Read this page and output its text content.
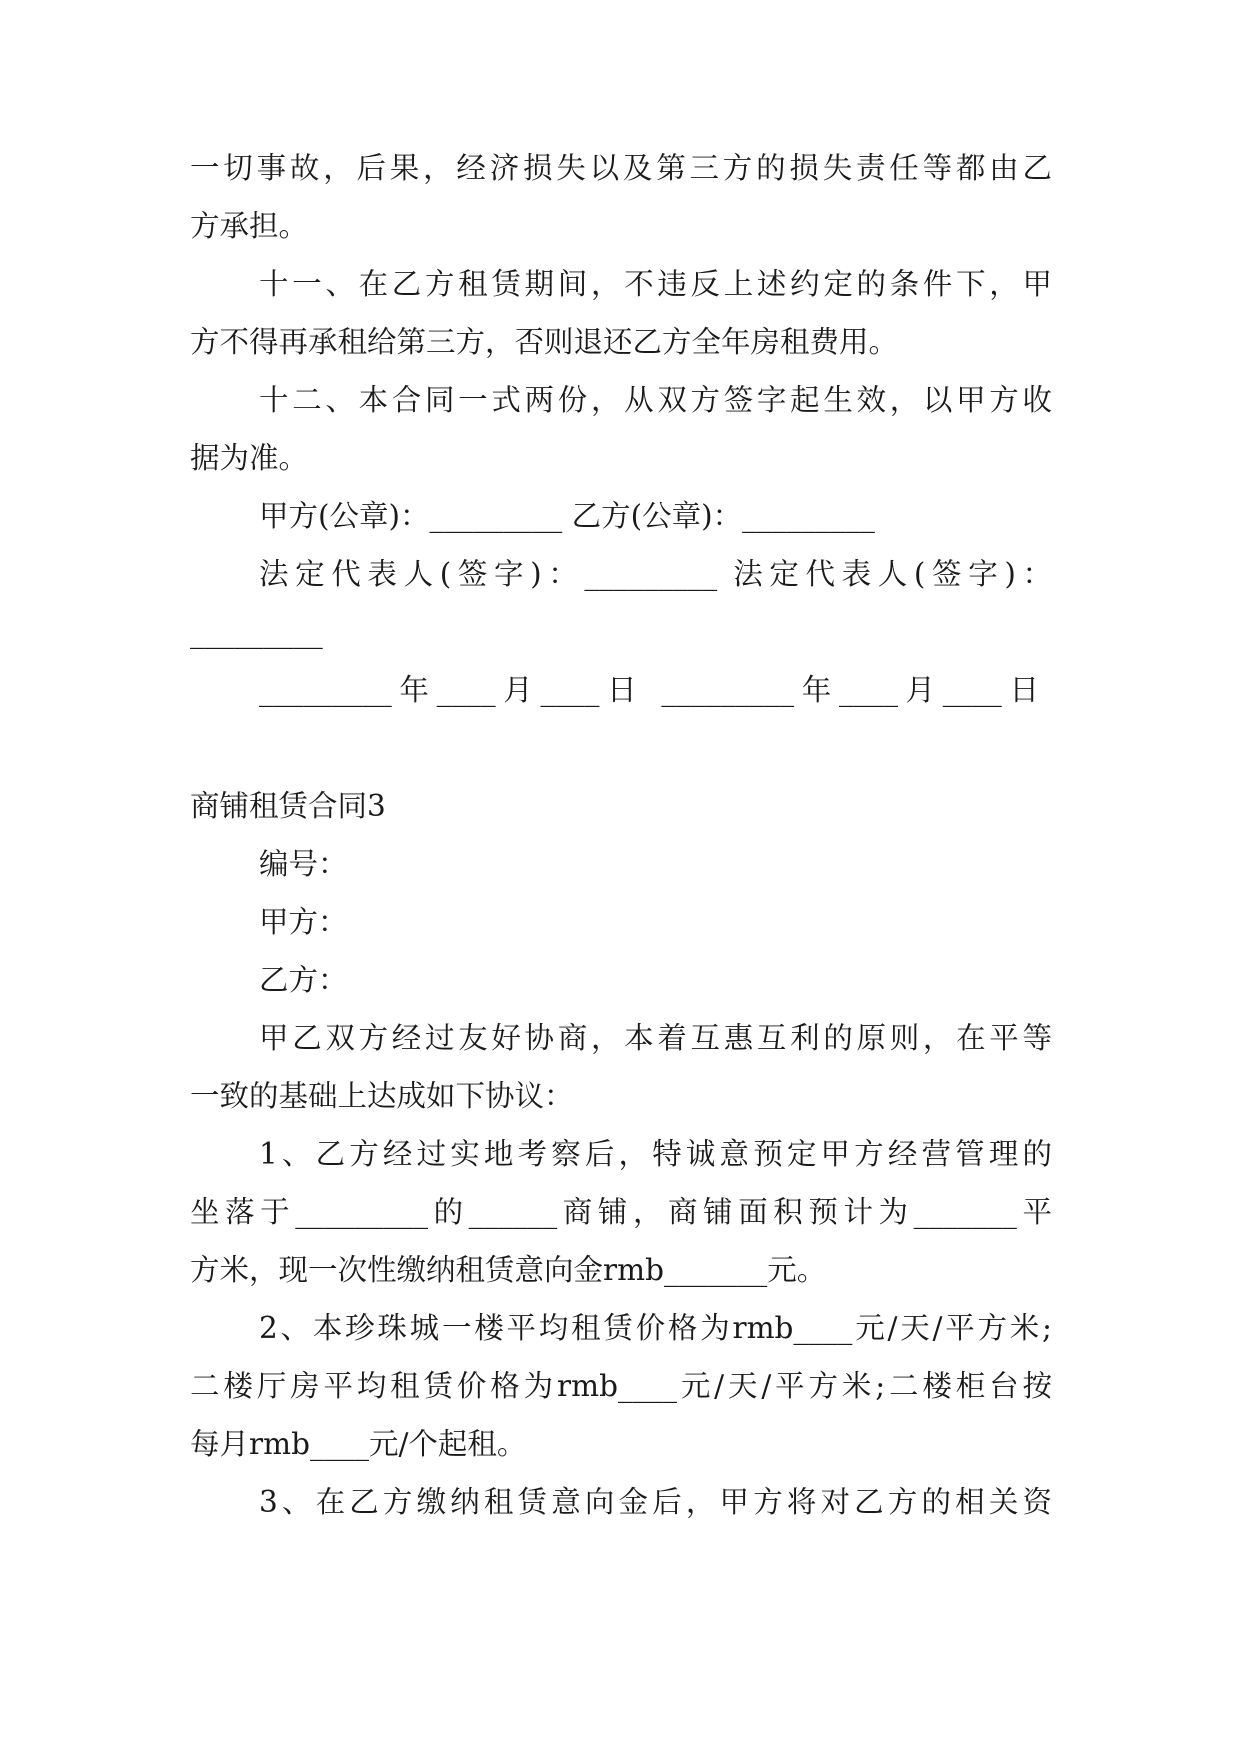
一切事故，后果，经济损失以及第三方的损失责任等都由乙
方承担。
十一、在乙方租赁期间，不违反上述约定的条件下，甲
方不得再承租给第三方，否则退还乙方全年房租费用。
十二、本合同一式两份，从双方签字起生效，以甲方收
据为准。
甲方(公章)：_________ 乙方(公章)：_________
法定代表人(签字)：_________ 法定代表人(签字)：
_________
_________年____月____日 _________年____月____日
商铺租赁合同3
编号：
甲方：
乙方：
甲乙双方经过友好协商，本着互惠互利的原则，在平等
一致的基础上达成如下协议：
1、乙方经过实地考察后，特诚意预定甲方经营管理的
坐落于_________的______商铺，商铺面积预计为_______平
方米，现一次性缴纳租赁意向金rmb_______元。
2、本珍珠城一楼平均租赁价格为rmb____元/天/平方米;
二楼厅房平均租赁价格为rmb____元/天/平方米;二楼柜台按
每月rmb____元/个起租。
3、在乙方缴纳租赁意向金后，甲方将对乙方的相关资
